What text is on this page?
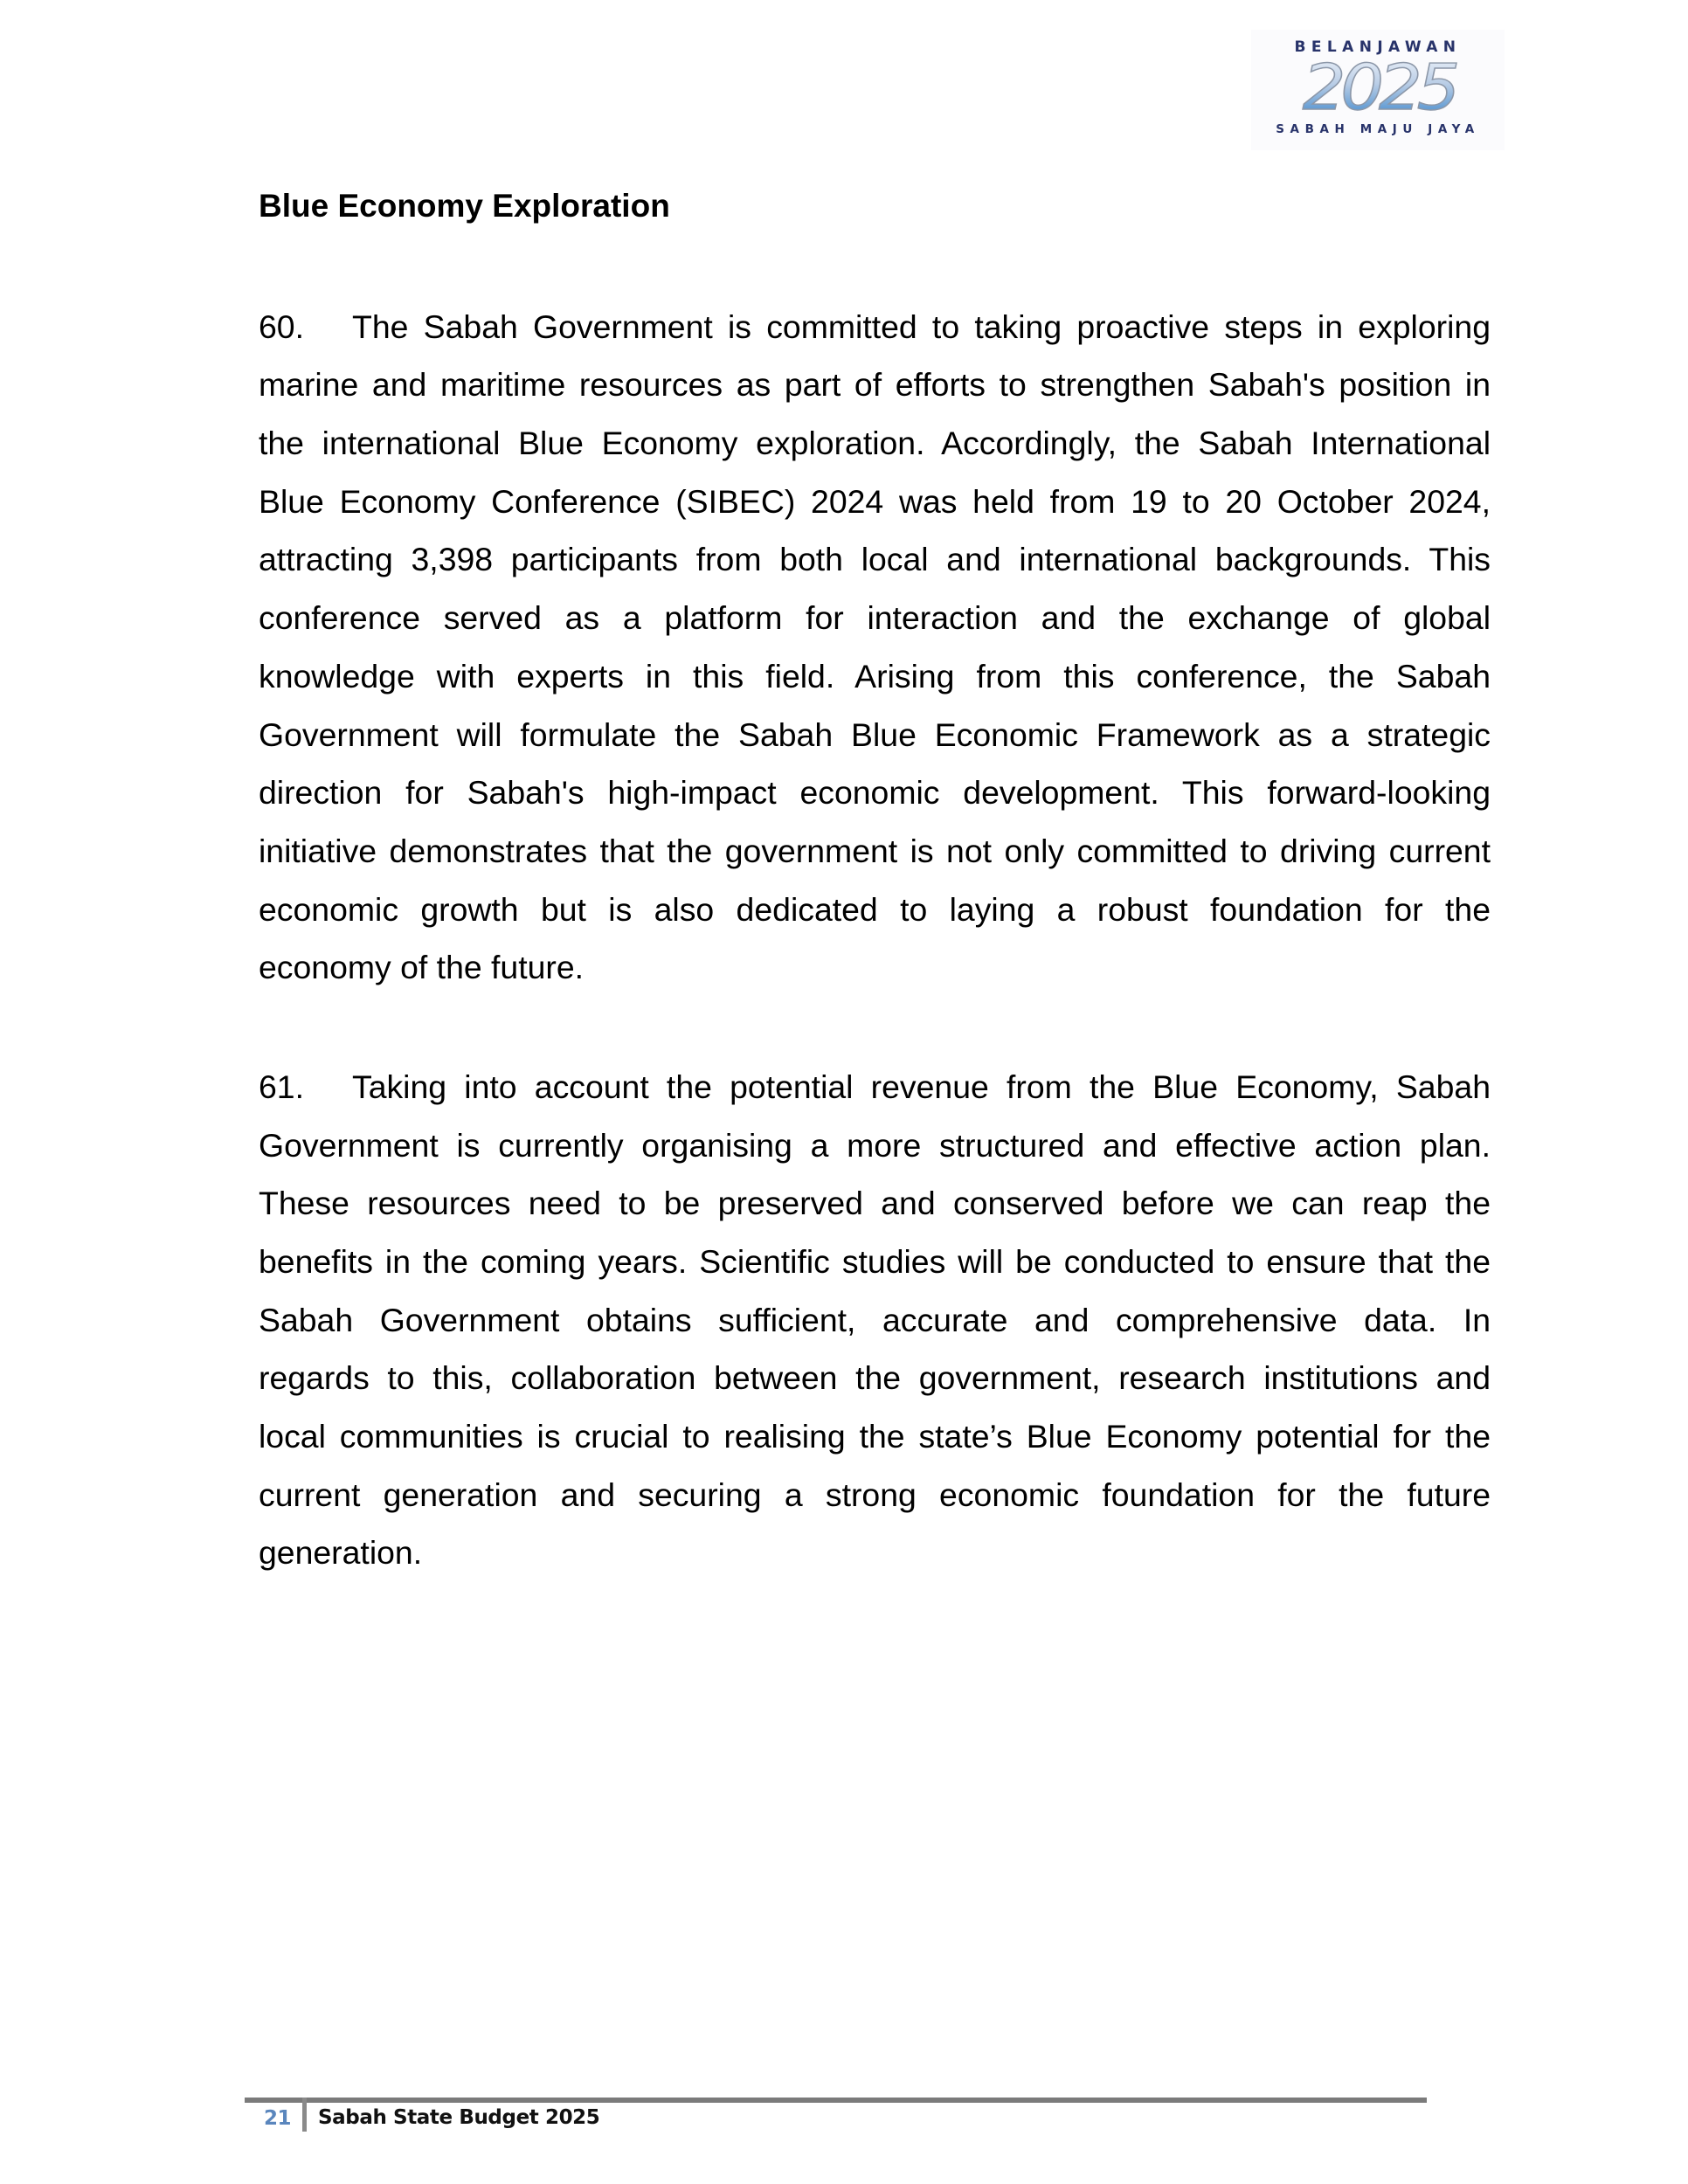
BELANJAWAN
2025
SABAH MAJU JAYA
Blue Economy Exploration
60. The Sabah Government is committed to taking proactive steps in exploring
marine and maritime resources as part of efforts to strengthen Sabah's position in
the international Blue Economy exploration. Accordingly, the Sabah International
Blue Economy Conference (SIBEC) 2024 was held from 19 to 20 October 2024,
attracting 3,398 participants from both local and international backgrounds. This
conference served as a platform for interaction and the exchange of global
knowledge with experts in this field. Arising from this conference, the Sabah
Government will formulate the Sabah Blue Economic Framework as a strategic
direction for Sabah's high-impact economic development. This forward-looking
initiative demonstrates that the government is not only committed to driving current
economic growth but is also dedicated to laying a robust foundation for the
economy of the future.
61. Taking into account the potential revenue from the Blue Economy, Sabah
Government is currently organising a more structured and effective action plan.
These resources need to be preserved and conserved before we can reap the
benefits in the coming years. Scientific studies will be conducted to ensure that the
Sabah Government obtains sufficient, accurate and comprehensive data. In
regards to this, collaboration between the government, research institutions and
local communities is crucial to realising the state’s Blue Economy potential for the
current generation and securing a strong economic foundation for the future
generation.
21 Sabah State Budget 2025
